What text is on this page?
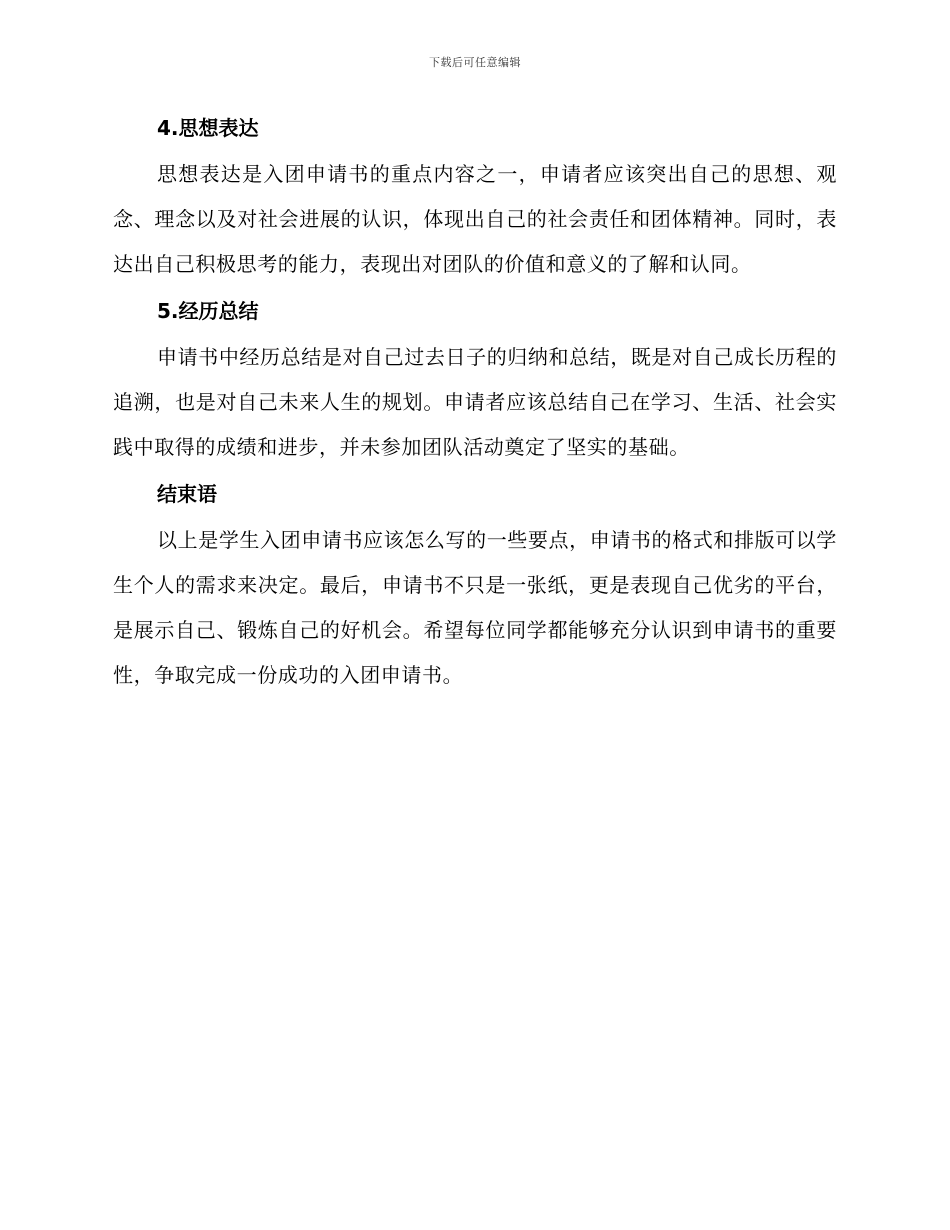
下载后可任意编辑
4.思想表达
思想表达是入团申请书的重点内容之一，申请者应该突出自己的思想、观念、理念以及对社会进展的认识，体现出自己的社会责任和团体精神。同时，表达出自己积极思考的能力，表现出对团队的价值和意义的了解和认同。
5.经历总结
申请书中经历总结是对自己过去日子的归纳和总结，既是对自己成长历程的追溯，也是对自己未来人生的规划。申请者应该总结自己在学习、生活、社会实践中取得的成绩和进步，并未参加团队活动奠定了坚实的基础。
结束语
以上是学生入团申请书应该怎么写的一些要点，申请书的格式和排版可以学生个人的需求来决定。最后，申请书不只是一张纸，更是表现自己优劣的平台，是展示自己、锻炼自己的好机会。希望每位同学都能够充分认识到申请书的重要性，争取完成一份成功的入团申请书。
